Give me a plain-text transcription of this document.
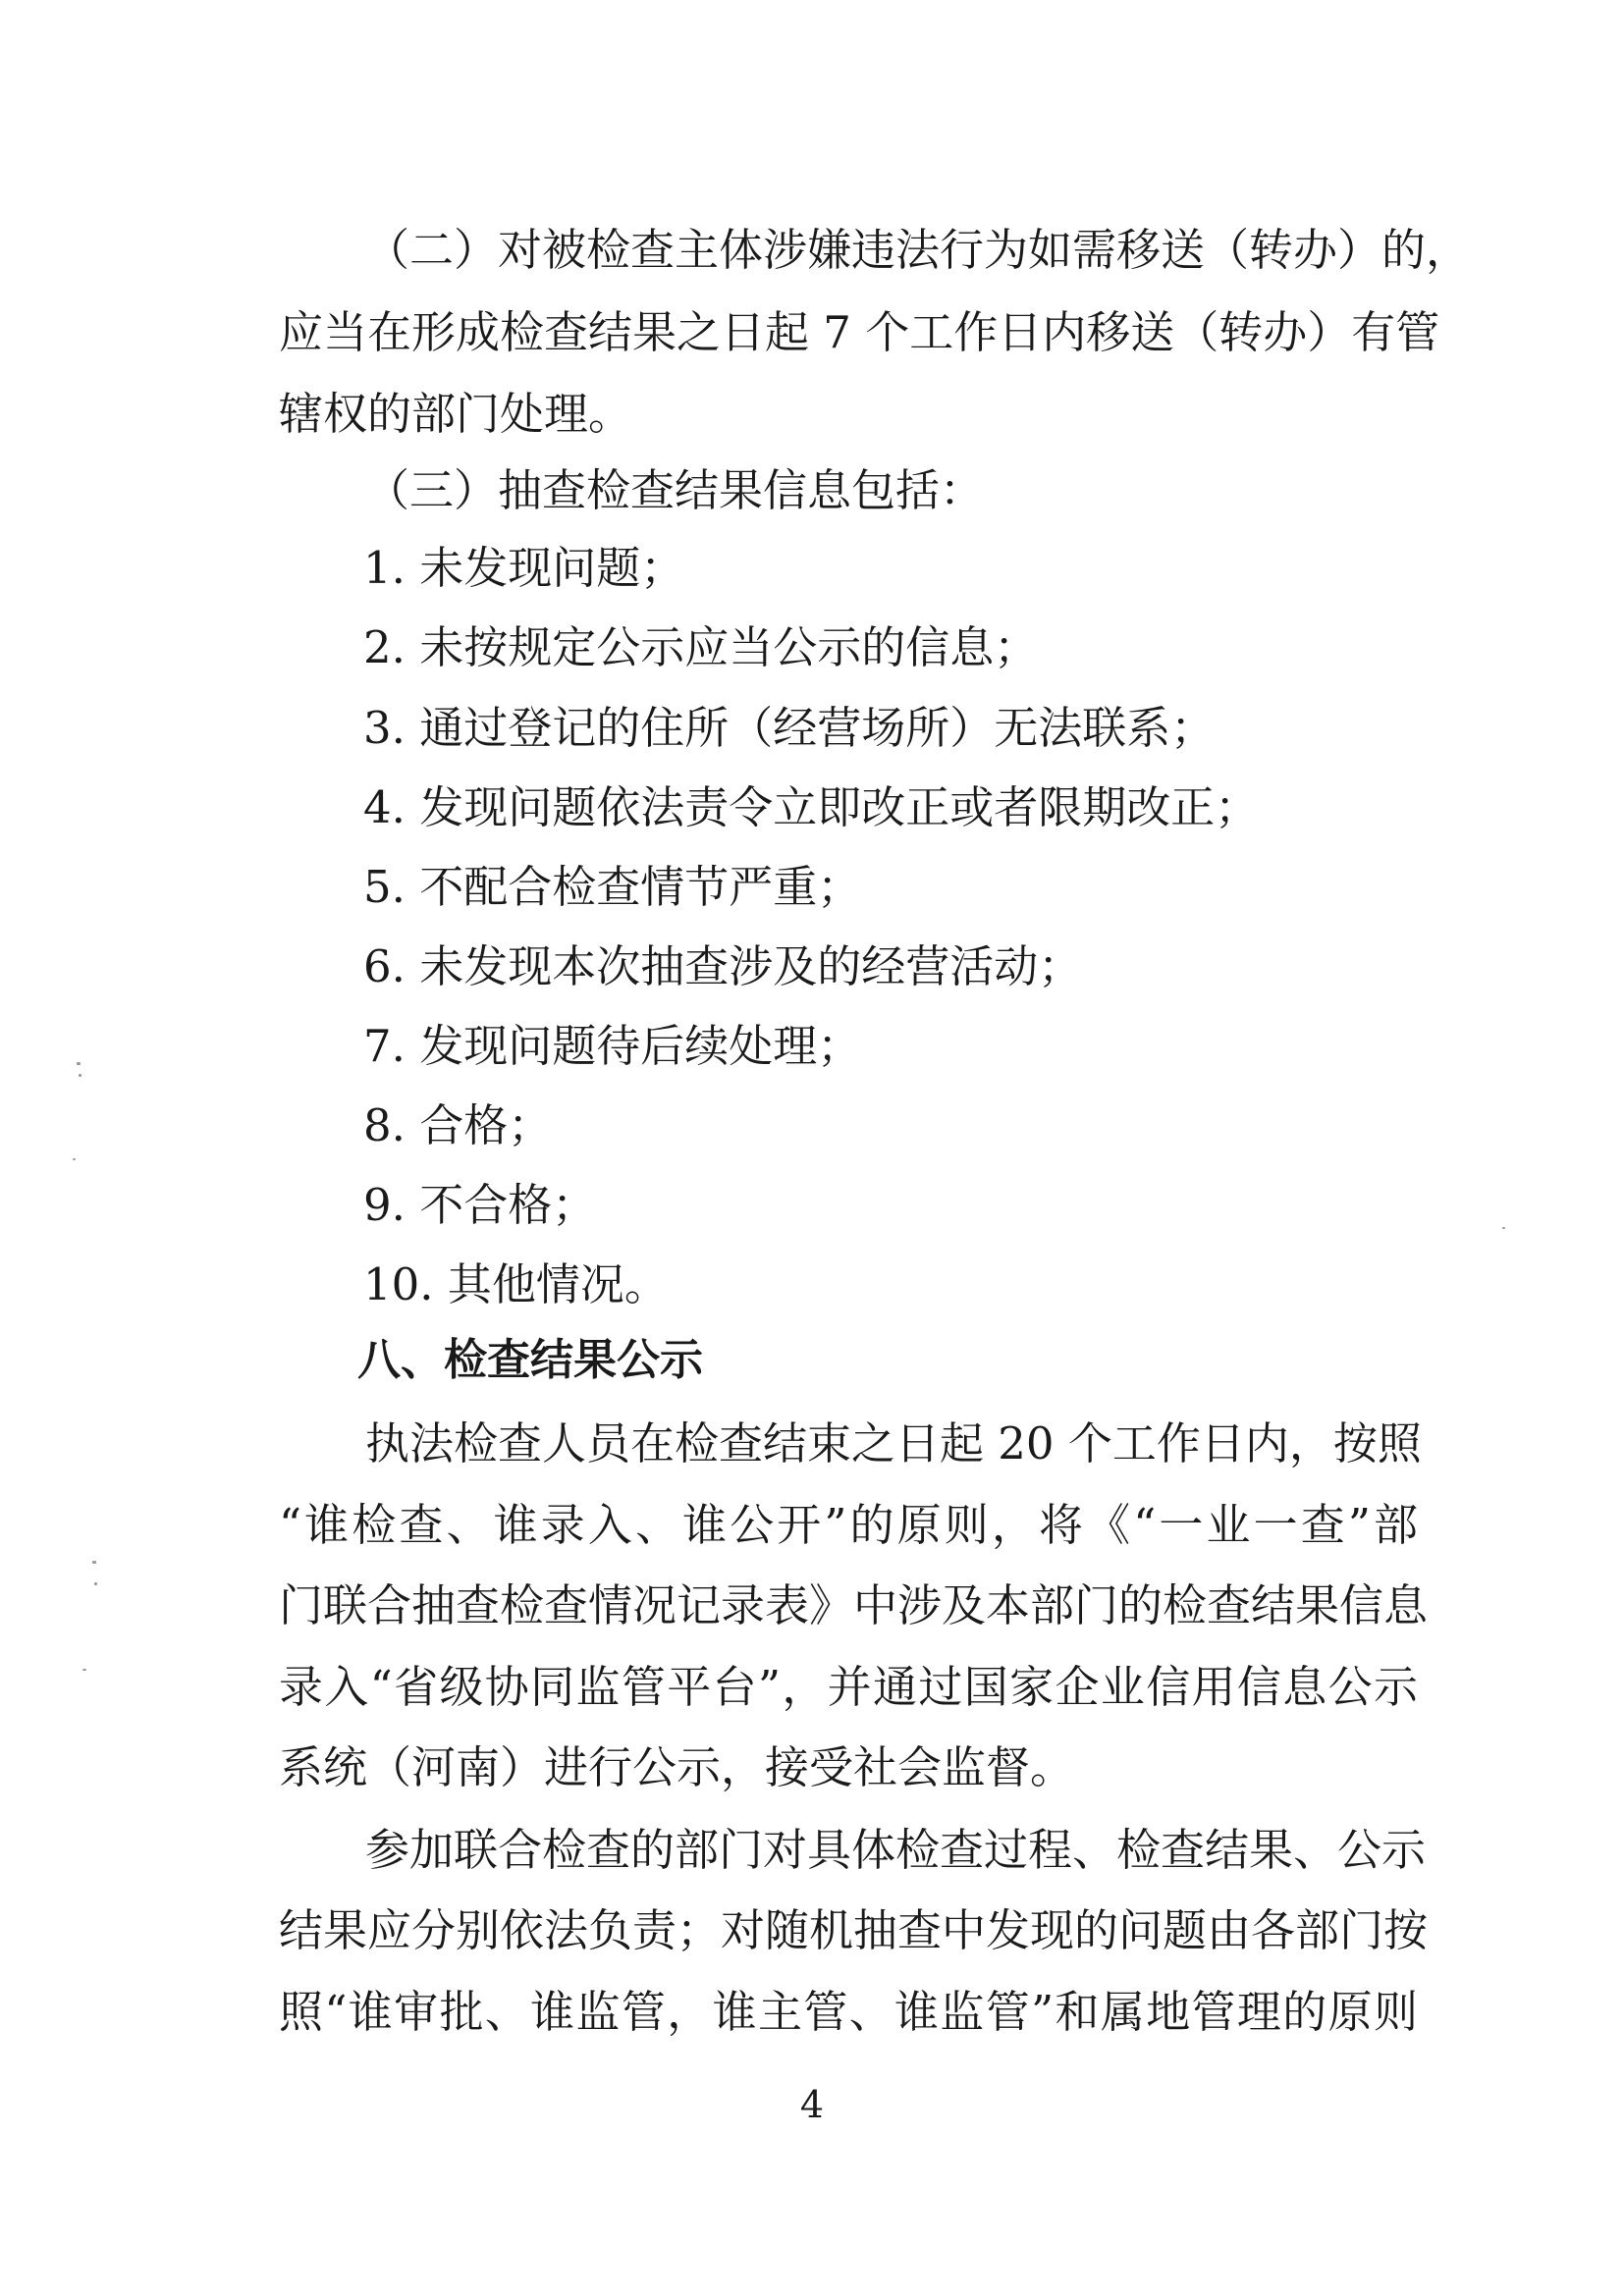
（二）对被检查主体涉嫌违法行为如需移送（转办）的，
应当在形成检查结果之日起 7 个工作日内移送（转办）有管
辖权的部门处理。
（三）抽查检查结果信息包括：
1. 未发现问题；
2. 未按规定公示应当公示的信息；
3. 通过登记的住所（经营场所）无法联系；
4. 发现问题依法责令立即改正或者限期改正；
5. 不配合检查情节严重；
6. 未发现本次抽查涉及的经营活动；
7. 发现问题待后续处理；
8. 合格；
9. 不合格；
10. 其他情况。
八、检查结果公示
执法检查人员在检查结束之日起 20 个工作日内，按照
“谁检查、谁录入、谁公开”的原则，将《“一业一查”部
门联合抽查检查情况记录表》中涉及本部门的检查结果信息
录入“省级协同监管平台”，并通过国家企业信用信息公示
系统（河南）进行公示，接受社会监督。
参加联合检查的部门对具体检查过程、检查结果、公示
结果应分别依法负责；对随机抽查中发现的问题由各部门按
照“谁审批、谁监管，谁主管、谁监管”和属地管理的原则
4
